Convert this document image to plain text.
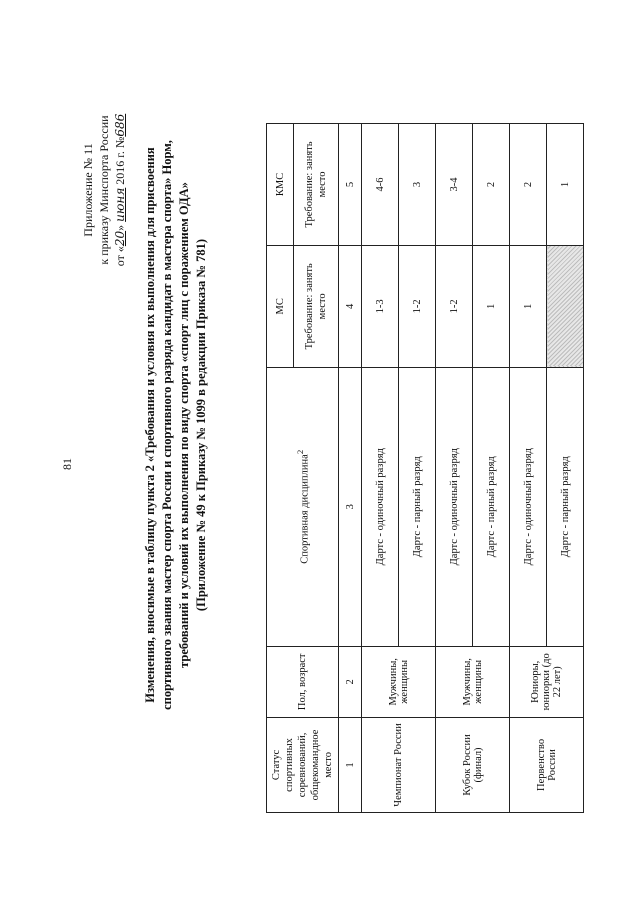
81
Приложение № 11 к приказу Минспорта России от «20» июня 2016 г. №686
Изменения, вносимые в таблицу пункта 2 «Требования и условия их выполнения для присвоения спортивного звания мастер спорта России и спортивного разряда кандидат в мастера спорта» Норм, требований и условий их выполнения по виду спорта «спорт лиц с поражением ОДА» (Приложение № 49 к Приказу № 1099 в редакции Приказа № 781)
Статус спортивных соревнований, общекомандное место	Пол, возраст	Спортивная дисциплина$^2$	МС	КМС
			Требование: занять место	Требование: занять место
1	2	3	4	5
Чемпионат России	Мужчины, женщины	Дартс - одиночный разряд	1-3	4-6
		Дартс - парный разряд	1-2	3
Кубок России (финал)	Мужчины, женщины	Дартс - одиночный разряд	1-2	3-4
		Дартс - парный разряд	1	2
Первенство России	Юниоры, юниорки (до 22 лет)	Дартс - одиночный разряд	1	2
		Дартс - парный разряд		1
